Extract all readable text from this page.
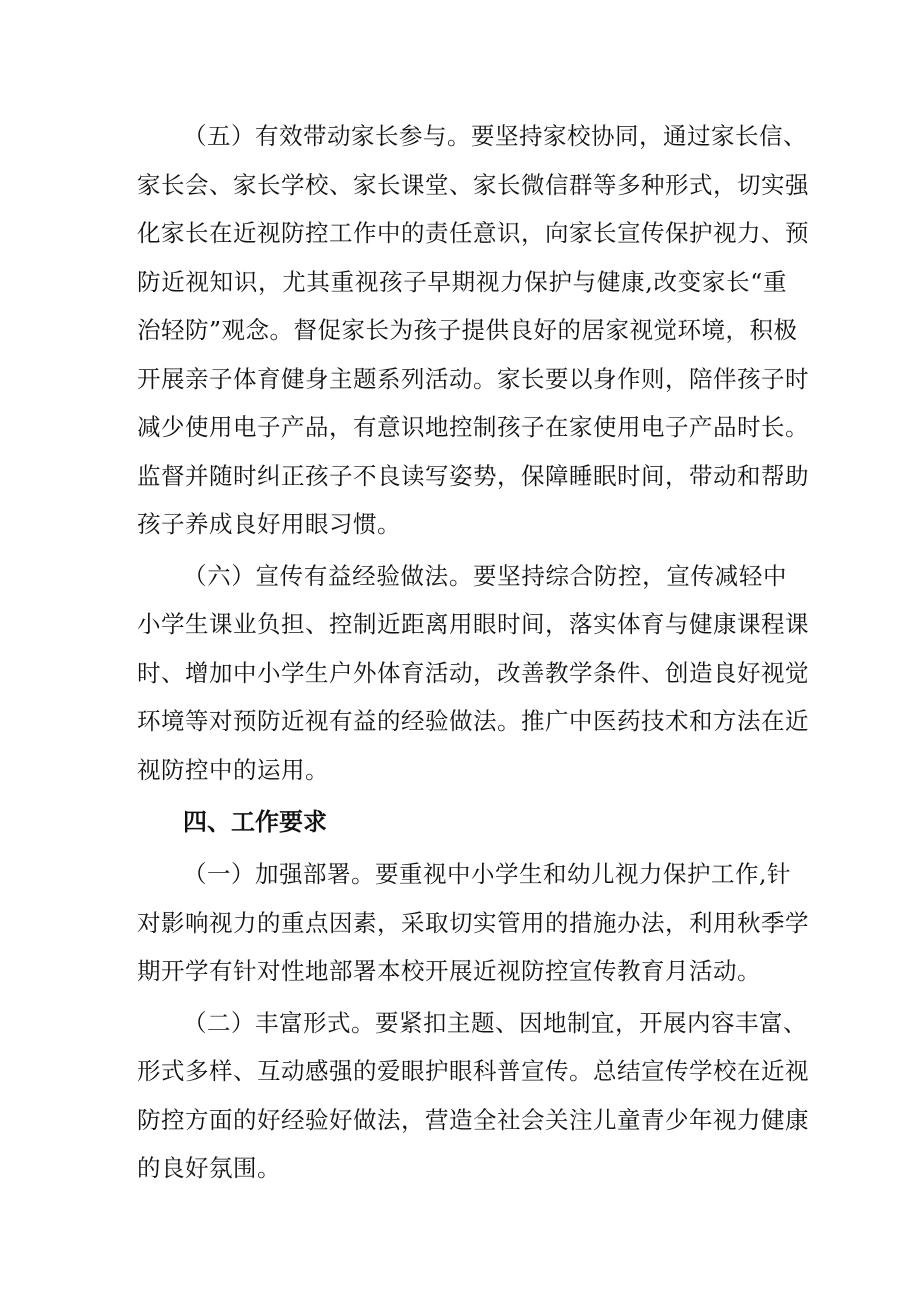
（五）有效带动家长参与。要坚持家校协同，通过家长信、
家长会、家长学校、家长课堂、家长微信群等多种形式，切实强
化家长在近视防控工作中的责任意识，向家长宣传保护视力、预
防近视知识，尤其重视孩子早期视力保护与健康,改变家长“重
治轻防”观念。督促家长为孩子提供良好的居家视觉环境，积极
开展亲子体育健身主题系列活动。家长要以身作则，陪伴孩子时
减少使用电子产品，有意识地控制孩子在家使用电子产品时长。
监督并随时纠正孩子不良读写姿势，保障睡眠时间，带动和帮助
孩子养成良好用眼习惯。
（六）宣传有益经验做法。要坚持综合防控，宣传减轻中
小学生课业负担、控制近距离用眼时间，落实体育与健康课程课
时、增加中小学生户外体育活动，改善教学条件、创造良好视觉
环境等对预防近视有益的经验做法。推广中医药技术和方法在近
视防控中的运用。
四、工作要求
（一）加强部署。要重视中小学生和幼儿视力保护工作,针
对影响视力的重点因素，采取切实管用的措施办法，利用秋季学
期开学有针对性地部署本校开展近视防控宣传教育月活动。
（二）丰富形式。要紧扣主题、因地制宜，开展内容丰富、
形式多样、互动感强的爱眼护眼科普宣传。总结宣传学校在近视
防控方面的好经验好做法，营造全社会关注儿童青少年视力健康
的良好氛围。
